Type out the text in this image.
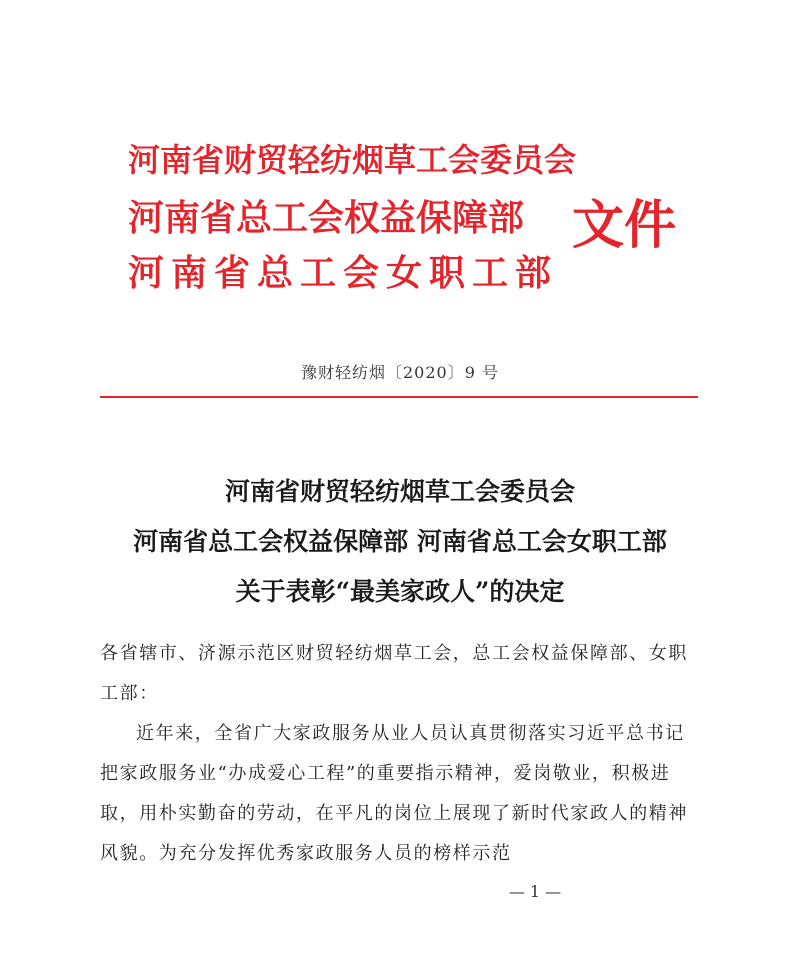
河南省财贸轻纺烟草工会委员会
河南省总工会权益保障部
河南省总工会女职工部
文件
豫财轻纺烟〔2020〕9 号
河南省财贸轻纺烟草工会委员会
河南省总工会权益保障部 河南省总工会女职工部
关于表彰“最美家政人”的决定
各省辖市、济源示范区财贸轻纺烟草工会，总工会权益保障部、女职工部：
近年来，全省广大家政服务从业人员认真贯彻落实习近平总书记把家政服务业“办成爱心工程”的重要指示精神，爱岗敬业，积极进取，用朴实勤奋的劳动，在平凡的岗位上展现了新时代家政人的精神风貌。为充分发挥优秀家政服务人员的榜样示范
— 1 —
